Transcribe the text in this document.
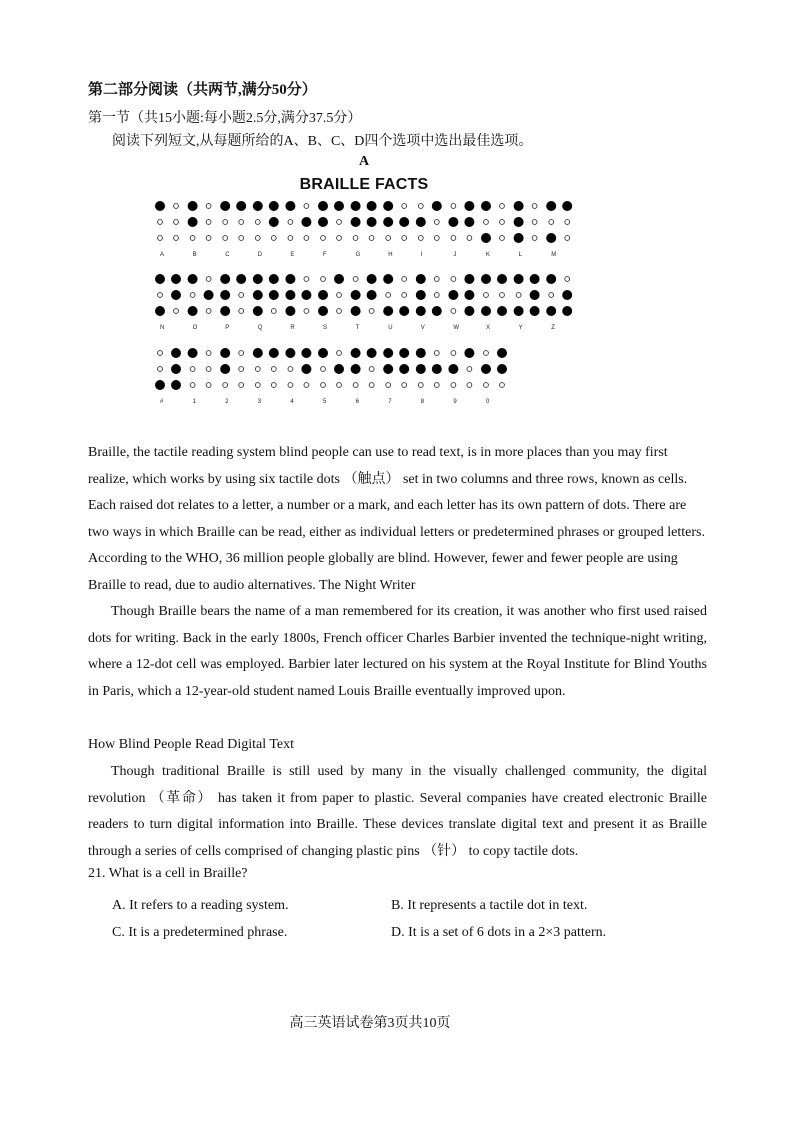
第二部分阅读（共两节,满分50分）
第一节（共15小题:每小题2.5分,满分37.5分）
阅读下列短文,从每题所给的A、B、C、D四个选项中选出最佳选项。
A
BRAILLE FACTS
A	B	C	D	E	F	G	H	I	J	K	L	M
N	O	P	Q	R	S	T	U	V	W	X	Y	Z
#	1	2	3	4	5	6	7	8	9	0
Braille, the tactile reading system blind people can use to read text, is in more places than you may first realize, which works by using six tactile dots （触点） set in two columns and three rows, known as cells. Each raised dot relates to a letter, a number or a mark, and each letter has its own pattern of dots. There are two ways in which Braille can be read, either as individual letters or predetermined phrases or grouped letters. According to the WHO, 36 million people globally are blind. However, fewer and fewer people are using Braille to read, due to audio alternatives. The Night Writer
Though Braille bears the name of a man remembered for its creation, it was another who first used raised dots for writing. Back in the early 1800s, French officer Charles Barbier invented the technique-night writing, where a 12-dot cell was employed. Barbier later lectured on his system at the Royal Institute for Blind Youths in Paris, which a 12-year-old student named Louis Braille eventually improved upon.
How Blind People Read Digital Text
Though traditional Braille is still used by many in the visually challenged community, the digital revolution （革命） has taken it from paper to plastic. Several companies have created electronic Braille readers to turn digital information into Braille. These devices translate digital text and present it as Braille through a series of cells comprised of changing plastic pins （针） to copy tactile dots.
21. What is a cell in Braille?
A. It refers to a reading system.	B. It represents a tactile dot in text.
C. It is a predetermined phrase.	D. It is a set of 6 dots in a 2×3 pattern.
高三英语试卷第3页共10页
